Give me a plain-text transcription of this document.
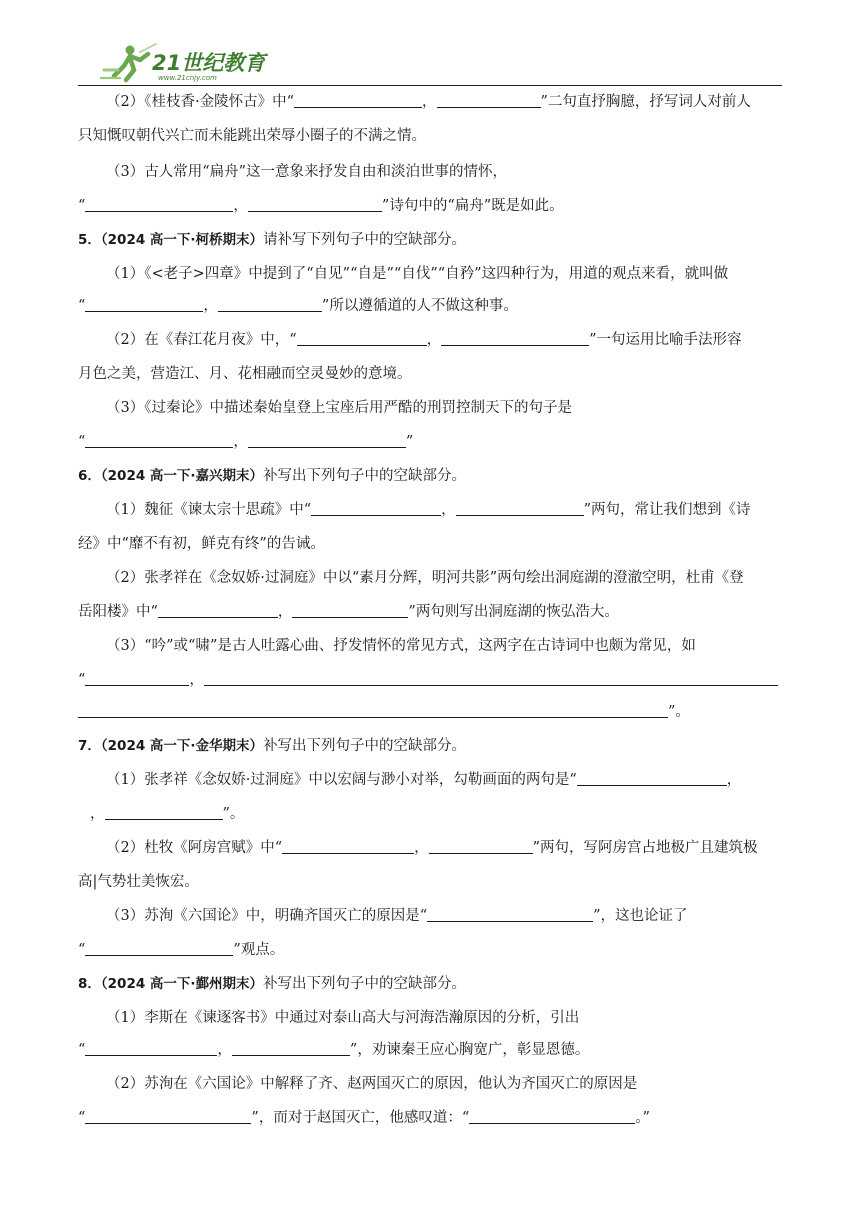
21世纪教育
www.21cnjy.com
（2）《桂枝香·金陵怀古》中“	，	”二句直抒胸臆，抒写词人对前人
只知慨叹朝代兴亡而未能跳出荣辱小圈子的不满之情。
（3）古人常用“扁舟”这一意象来抒发自由和淡泊世事的情怀，
“	，	”诗句中的“扁舟”既是如此。
5．（2024 高一下·柯桥期末）请补写下列句子中的空缺部分。
（1）《<老子>四章》中提到了“自见”“自是”“自伐”“自矜”这四种行为，用道的观点来看，就叫做
“	，	”所以遵循道的人不做这种事。
（2）在《春江花月夜》中，“	，	”一句运用比喻手法形容
月色之美，营造江、月、花相融而空灵曼妙的意境。
（3）《过秦论》中描述秦始皇登上宝座后用严酷的刑罚控制天下的句子是
“	，	”
6．（2024 高一下·嘉兴期末）补写出下列句子中的空缺部分。
（1）魏征《谏太宗十思疏》中“	，	”两句，常让我们想到《诗
经》中“靡不有初，鲜克有终”的告诫。
（2）张孝祥在《念奴娇·过洞庭》中以“素月分辉，明河共影”两句绘出洞庭湖的澄澈空明，杜甫《登
岳阳楼》中“	，	”两句则写出洞庭湖的恢弘浩大。
（3）“吟”或“啸”是古人吐露心曲、抒发情怀的常见方式，这两字在古诗词中也颇为常见，如
“	，
”。
7．（2024 高一下·金华期末）补写出下列句子中的空缺部分。
（1）张孝祥《念奴娇·过洞庭》中以宏阔与渺小对举，勾勒画面的两句是“	，
，	”。
（2）杜牧《阿房宫赋》中“	，	”两句，写阿房宫占地极广且建筑极
高|气势壮美恢宏。
（3）苏洵《六国论》中，明确齐国灭亡的原因是“	”，这也论证了
“	”观点。
8．（2024 高一下·鄞州期末）补写出下列句子中的空缺部分。
（1）李斯在《谏逐客书》中通过对泰山高大与河海浩瀚原因的分析，引出
“	，	”，劝谏秦王应心胸宽广，彰显恩德。
（2）苏洵在《六国论》中解释了齐、赵两国灭亡的原因，他认为齐国灭亡的原因是
“	”，而对于赵国灭亡，他感叹道：“	。”
